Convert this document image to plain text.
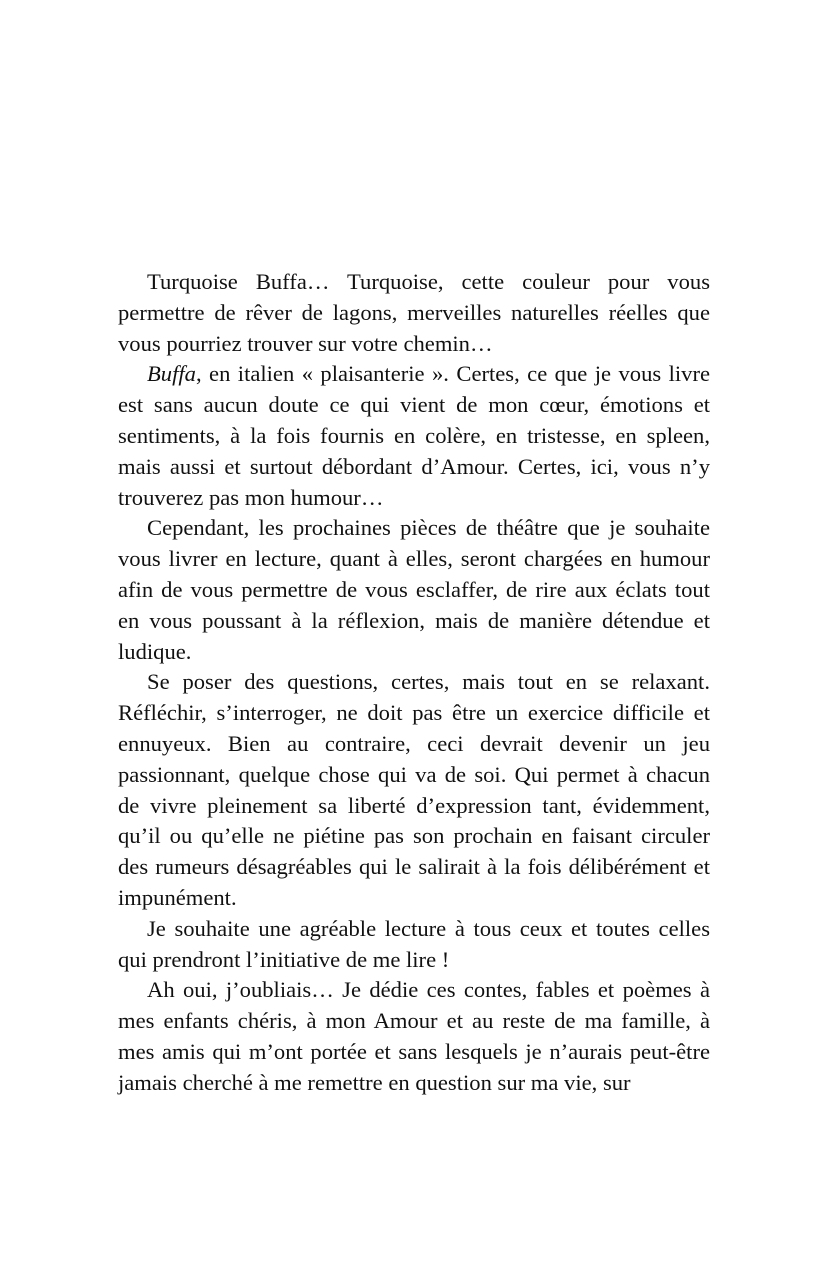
Turquoise Buffa… Turquoise, cette couleur pour vous permettre de rêver de lagons, merveilles naturelles réelles que vous pourriez trouver sur votre chemin…

Buffa, en italien « plaisanterie ». Certes, ce que je vous livre est sans aucun doute ce qui vient de mon cœur, émotions et sentiments, à la fois fournis en colère, en tristesse, en spleen, mais aussi et surtout débordant d’Amour. Certes, ici, vous n’y trouverez pas mon humour…

Cependant, les prochaines pièces de théâtre que je souhaite vous livrer en lecture, quant à elles, seront chargées en humour afin de vous permettre de vous esclaffer, de rire aux éclats tout en vous poussant à la réflexion, mais de manière détendue et ludique.

Se poser des questions, certes, mais tout en se relaxant. Réfléchir, s’interroger, ne doit pas être un exercice difficile et ennuyeux. Bien au contraire, ceci devrait devenir un jeu passionnant, quelque chose qui va de soi. Qui permet à chacun de vivre pleinement sa liberté d’expression tant, évidemment, qu’il ou qu’elle ne piétine pas son prochain en faisant circuler des rumeurs désagréables qui le salirait à la fois délibérément et impunément.

Je souhaite une agréable lecture à tous ceux et toutes celles qui prendront l’initiative de me lire !

Ah oui, j’oubliais… Je dédie ces contes, fables et poèmes à mes enfants chéris, à mon Amour et au reste de ma famille, à mes amis qui m’ont portée et sans lesquels je n’aurais peut-être jamais cherché à me remettre en question sur ma vie, sur
